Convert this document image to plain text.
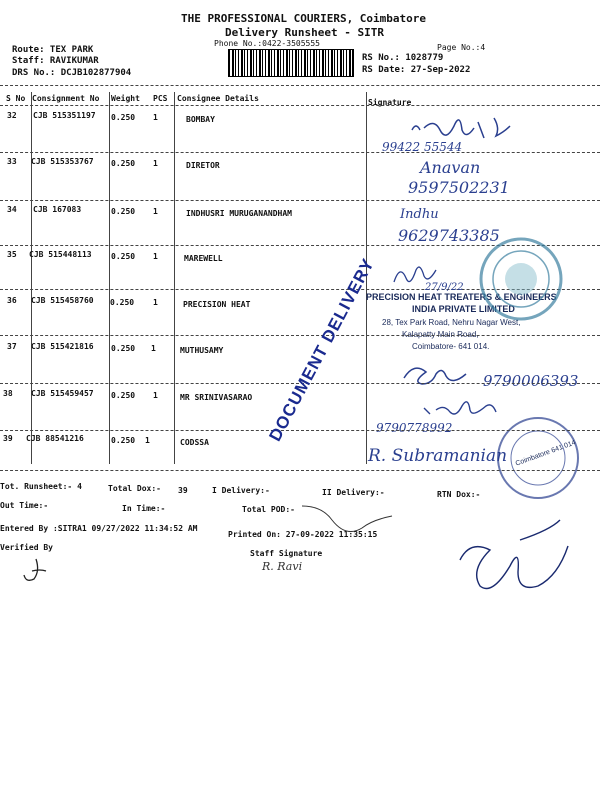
THE PROFESSIONAL COURIERS, Coimbatore
Delivery Runsheet - SITR
Phone No.:0422-3505555	Page No.:4
Route: TEX PARK
Staff: RAVIKUMAR
DRS No.: DCJB102877904
RS No.: 1028779
RS Date: 27-Sep-2022
S No Consignment No Weight PCS Consignee Details	Signature
32 CJB 515351197 0.250 1	BOMBAY
99422 55544
33 CJB 515353767 0.250 1	DIRETOR	Anavan
9597502231
34 CJB 167083	0.250 1	INDHUSRI MURUGANANDHAM	Indhu
9629743385
35 CJB 515448113 0.250 1	MAREWELL
36 CJB 515458760 0.250 1	PRECISION HEAT
27/9/22
PRECISION HEAT TREATERS & ENGINEERS
INDIA PRIVATE LIMITED
28, Tex Park Road, Nehru Nagar West,
Kalapatty Main Road,
Coimbatore- 641 014.
Coimbatore 641 014
37 CJB 515421816 0.250 1	MUTHUSAMY
9790006393
38 CJB 515459457 0.250 1	MR SRINIVASARAO
9790778992
39 CJB 88541216	0.250 1	CODSSA
R. Subramanian
DOCUMENT DELIVERY
Tot. Runsheet:- 4	Total Dox:- 39	I Delivery:-	II Delivery:-	RTN Dox:-
Out Time:-	In Time:-	Total POD:-
Entered By :SITRA1 09/27/2022 11:34:52 AM
Printed On: 27-09-2022 11:35:15
Verified By
Staff Signature
R. Ravi
